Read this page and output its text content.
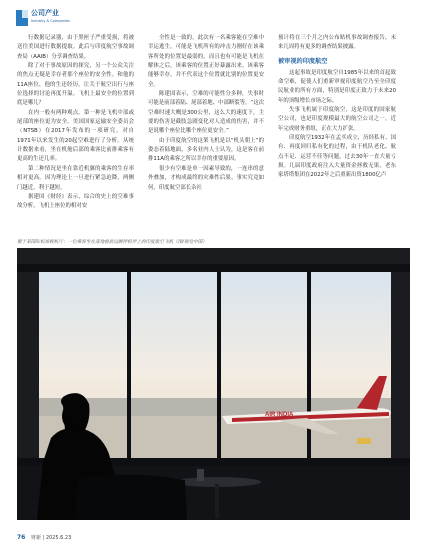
公司产业
Industry & Companies

行数据记录器，由于黑匣子严重受损，将被送往美国进行数据提取。此后与印度航空事故调查局（AAIB）分享调查结果。

除了对于事故原因的探究，另一个公众关注的焦点无疑是幸存者那个座位的安全性。和他的11A座位，他的生还经历，让关于航空出行与座位选择的讨论再度升温。飞机上最安全的位置到底是哪儿？

在内一般有两种观点。第一种是飞机中部或尾部的座位更为安全。美国国家运输安全委员会（NTSB）在2017年发布的一项研究，对自1971年以来发生的20起空难进行了分析。从统计数据来看，坐在机舱后部的乘客比前排乘客有更高的生还几率。

第二种情况是坐在靠近机翼的乘客的生存率相对更高。因为理论上一旦进行紧急迫降，两侧门越近，利于越短。

据建国《财经》表示，综合的史上的空难事故分析，飞机上座位的相对安

全性是一致的。此次有一名乘客能在空难中幸运逃生，可能是飞机所有的冲击力刚好在该乘客所处的位置是最弱的，而且也有可能是飞机在解体之后，该乘客的位置正好暴露出来。该乘客能够幸存，并不代表这个位置就比别的位置更安全。

陈建国表示，空难的可能性分多种，失事时可能是前部着陆、尾部着地、中部断裂等。“这次空难时速大概是300公里，这么大的速度下，主要的伤害是截肢急剧变化对人造成的伤害，并不是说哪个座位比哪个座位更安全。”

由于印度航空的这架飞机是以“机头朝上”的姿态着陆地面，多名业内人士认为，这是客在前排11A的乘客之所以幸存的重要原因。

很少有空难是单一因素导致的，一连串的意外叠加，才构成最终的灾难性后果。事实究竟如何，印度航空部长杂社

预计将在三个月之内公布贴机事故调查报告，未来几周将有更多的调查结果披露。

被审视的印度航空

这起事故是印度航空自1985年以来的首起致命空难，促使人们重新审视印度航空乃至全印度民航业的所有方面，特别是印度正致力于未来20年的顶级增长市场之际。

失事飞机属于印度航空，这是印度的国家航空公司，也是印度规模最大的航空公司之一，近年完成财务重组，正在大力扩张。

印度航空1932年在孟买成立，历经私有、国有、再度回归私有化的过程，由于机队老化、航点不足、运营不佳等问题，过去30年一直大量亏损。几届印度政府注入大量资金拯救无果，老东家塔塔集团在2022年之后重新出资1800亿卢

摄于某国际机场候机厅：一位乘客坐在落地窗前远眺停机坪上的印度航空飞机（图/视觉中国）
AIR INDIA
76 财新 | 2025.6.23
